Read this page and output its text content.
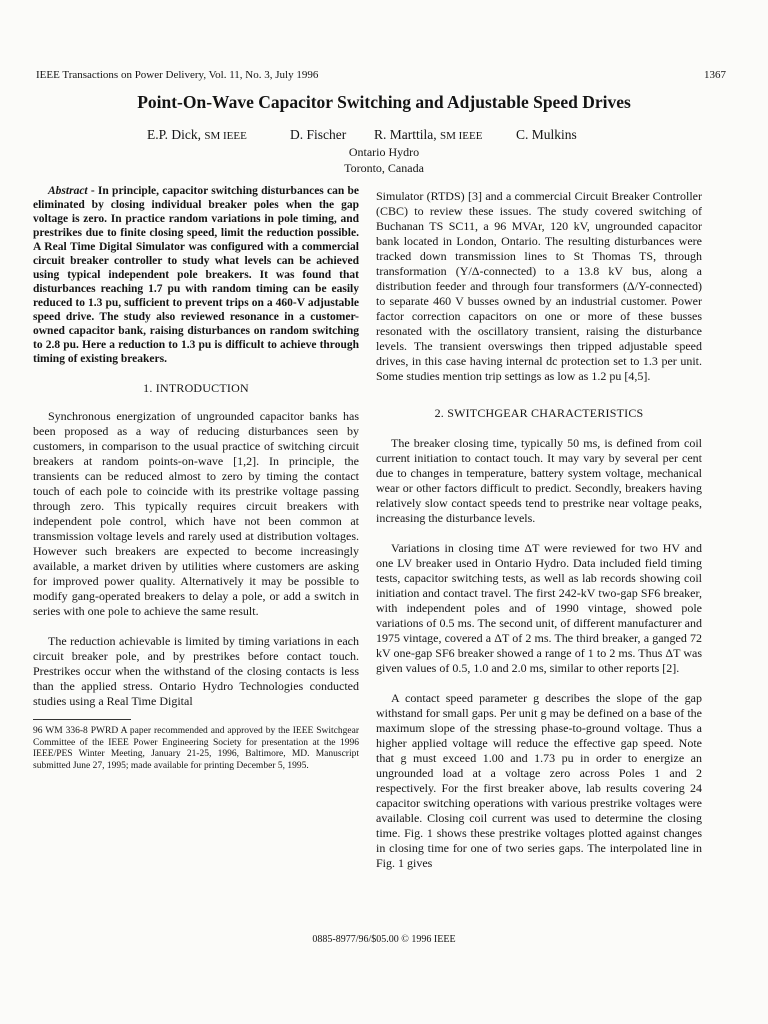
IEEE Transactions on Power Delivery, Vol. 11, No. 3, July 1996	1367
Point-On-Wave Capacitor Switching and Adjustable Speed Drives
E.P. Dick, SM IEEE	D. Fischer R. Marttila, SM IEEE C. Mulkins
Ontario Hydro
Toronto, Canada

Abstract - In principle, capacitor switching disturbances can be eliminated by closing individual breaker poles when the gap voltage is zero. In practice random variations in pole timing, and prestrikes due to finite closing speed, limit the reduction possible. A Real Time Digital Simulator was configured with a commercial circuit breaker controller to study what levels can be achieved using typical independent pole breakers. It was found that disturbances reaching 1.7 pu with random timing can be easily reduced to 1.3 pu, sufficient to prevent trips on a 460-V adjustable speed drive. The study also reviewed resonance in a customer-owned capacitor bank, raising disturbances on random switching to 2.8 pu. Here a reduction to 1.3 pu is difficult to achieve through timing of existing breakers.

1. INTRODUCTION

Synchronous energization of ungrounded capacitor banks has been proposed as a way of reducing disturbances seen by customers, in comparison to the usual practice of switching circuit breakers at random points-on-wave [1,2]. In principle, the transients can be reduced almost to zero by timing the contact touch of each pole to coincide with its prestrike voltage passing through zero. This typically requires circuit breakers with independent pole control, which have not been common at transmission voltage levels and rarely used at distribution voltages. However such breakers are expected to become increasingly available, a market driven by utilities where customers are asking for improved power quality. Alternatively it may be possible to modify gang-operated breakers to delay a pole, or add a switch in series with one pole to achieve the same result.

The reduction achievable is limited by timing variations in each circuit breaker pole, and by prestrikes before contact touch. Prestrikes occur when the withstand of the closing contacts is less than the applied stress. Ontario Hydro Technologies conducted studies using a Real Time Digital

96 WM 336-8 PWRD A paper recommended and approved by the IEEE Switchgear Committee of the IEEE Power Engineering Society for presentation at the 1996 IEEE/PES Winter Meeting, January 21-25, 1996, Baltimore, MD. Manuscript submitted June 27, 1995; made available for printing December 5, 1995.

Simulator (RTDS) [3] and a commercial Circuit Breaker Controller (CBC) to review these issues. The study covered switching of Buchanan TS SC11, a 96 MVAr, 120 kV, ungrounded capacitor bank located in London, Ontario. The resulting disturbances were tracked down transmission lines to St Thomas TS, through transformation (Y/Δ-connected) to a 13.8 kV bus, along a distribution feeder and through four transformers (Δ/Y-connected) to separate 460 V busses owned by an industrial customer. Power factor correction capacitors on one or more of these busses resonated with the oscillatory transient, raising the disturbance levels. The transient overswings then tripped adjustable speed drives, in this case having internal dc protection set to 1.3 per unit. Some studies mention trip settings as low as 1.2 pu [4,5].

2. SWITCHGEAR CHARACTERISTICS

The breaker closing time, typically 50 ms, is defined from coil current initiation to contact touch. It may vary by several per cent due to changes in temperature, battery system voltage, mechanical wear or other factors difficult to predict. Secondly, breakers having relatively slow contact speeds tend to prestrike near voltage peaks, increasing the disturbance levels.

Variations in closing time ΔT were reviewed for two HV and one LV breaker used in Ontario Hydro. Data included field timing tests, capacitor switching tests, as well as lab records showing coil initiation and contact travel. The first 242-kV two-gap SF6 breaker, with independent poles and of 1990 vintage, showed pole variations of 0.5 ms. The second unit, of different manufacturer and 1975 vintage, covered a ΔT of 2 ms. The third breaker, a ganged 72 kV one-gap SF6 breaker showed a range of 1 to 2 ms. Thus ΔT was given values of 0.5, 1.0 and 2.0 ms, similar to other reports [2].

A contact speed parameter g describes the slope of the gap withstand for small gaps. Per unit g may be defined on a base of the maximum slope of the stressing phase-to-ground voltage. Thus a higher applied voltage will reduce the effective gap speed. Note that g must exceed 1.00 and 1.73 pu in order to energize an ungrounded load at a voltage zero across Poles 1 and 2 respectively. For the first breaker above, lab results covering 24 capacitor switching operations with various prestrike voltages were available. Closing coil current was used to determine the closing time. Fig. 1 shows these prestrike voltages plotted against changes in closing time for one of two series gaps. The interpolated line in Fig. 1 gives

0885-8977/96/$05.00 © 1996 IEEE
